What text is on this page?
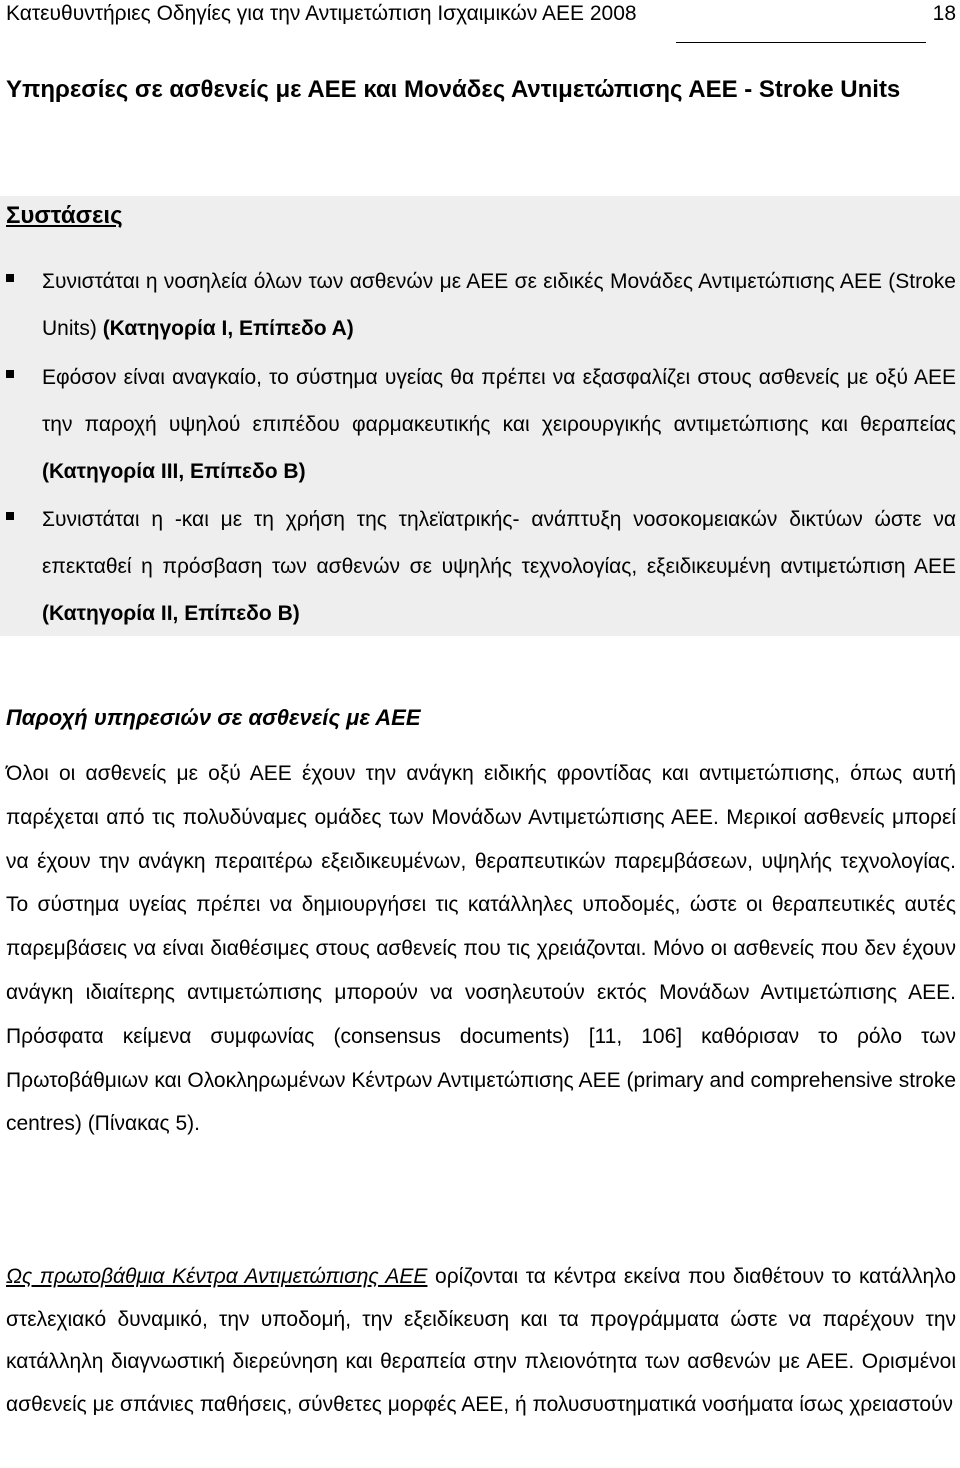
Κατευθυντήριες Οδηγίες για την Αντιμετώπιση Ισχαιμικών ΑΕΕ 2008	18
Υπηρεσίες σε ασθενείς με ΑΕΕ και Μονάδες Αντιμετώπισης ΑΕΕ - Stroke Units
Συστάσεις
Συνιστάται η νοσηλεία όλων των ασθενών με ΑΕΕ σε ειδικές Μονάδες Αντιμετώπισης ΑΕΕ (Stroke Units) (Κατηγορία Ι, Επίπεδο Α)
Εφόσον είναι αναγκαίο, το σύστημα υγείας θα πρέπει να εξασφαλίζει στους ασθενείς με οξύ ΑΕΕ την παροχή υψηλού επιπέδου φαρμακευτικής και χειρουργικής αντιμετώπισης και θεραπείας (Κατηγορία ΙΙΙ, Επίπεδο Β)
Συνιστάται η -και με τη χρήση της τηλεϊατρικής- ανάπτυξη νοσοκομειακών δικτύων ώστε να επεκταθεί η πρόσβαση των ασθενών σε υψηλής τεχνολογίας, εξειδικευμένη αντιμετώπιση ΑΕΕ (Κατηγορία ΙΙ, Επίπεδο Β)
Παροχή υπηρεσιών σε ασθενείς με ΑΕΕ

Όλοι οι ασθενείς με οξύ ΑΕΕ έχουν την ανάγκη ειδικής φροντίδας και αντιμετώπισης, όπως αυτή παρέχεται από τις πολυδύναμες ομάδες των Μονάδων Αντιμετώπισης ΑΕΕ. Μερικοί ασθενείς μπορεί να έχουν την ανάγκη περαιτέρω εξειδικευμένων, θεραπευτικών παρεμβάσεων, υψηλής τεχνολογίας. Το σύστημα υγείας πρέπει να δημιουργήσει τις κατάλληλες υποδομές, ώστε οι θεραπευτικές αυτές παρεμβάσεις να είναι διαθέσιμες στους ασθενείς που τις χρειάζονται. Μόνο οι ασθενείς που δεν έχουν ανάγκη ιδιαίτερης αντιμετώπισης μπορούν να νοσηλευτούν εκτός Μονάδων Αντιμετώπισης ΑΕΕ. Πρόσφατα κείμενα συμφωνίας (consensus documents) [11, 106] καθόρισαν το ρόλο των Πρωτοβάθμιων και Ολοκληρωμένων Κέντρων Αντιμετώπισης ΑΕΕ (primary and comprehensive stroke centres) (Πίνακας 5).

Ως πρωτοβάθμια Κέντρα Αντιμετώπισης ΑΕΕ ορίζονται τα κέντρα εκείνα που διαθέτουν το κατάλληλο στελεχιακό δυναμικό, την υποδομή, την εξειδίκευση και τα προγράμματα ώστε να παρέχουν την κατάλληλη διαγνωστική διερεύνηση και θεραπεία στην πλειονότητα των ασθενών με ΑΕΕ. Ορισμένοι ασθενείς με σπάνιες παθήσεις, σύνθετες μορφές ΑΕΕ, ή πολυσυστηματικά νοσήματα ίσως χρειαστούν
